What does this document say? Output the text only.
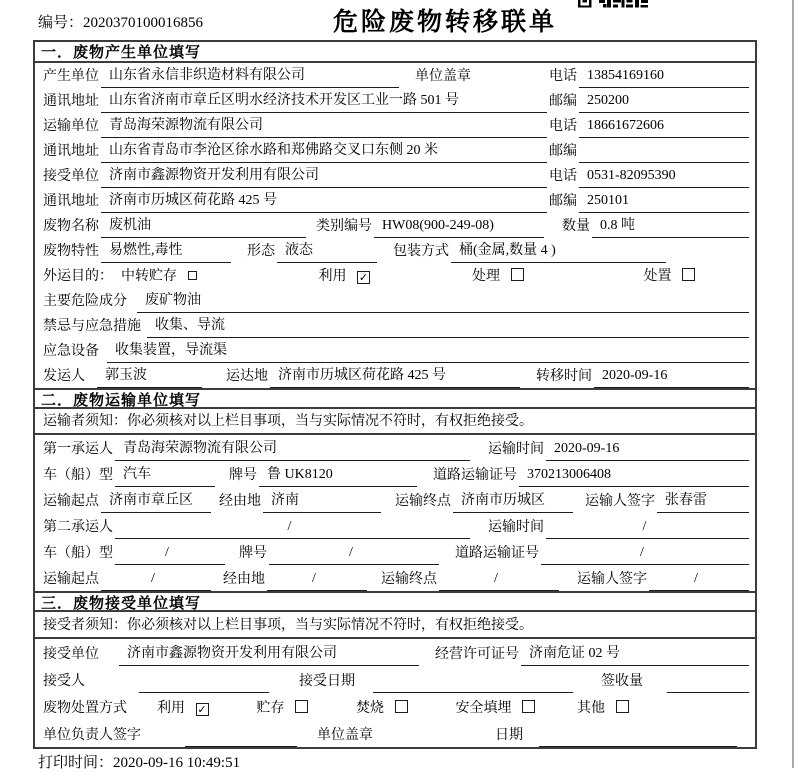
编号：2020370100016856	危险废物转移联单
一．废物产生单位填写
产生单位 山东省永信非织造材料有限公司	单位盖章	电话 13854169160
通讯地址 山东省济南市章丘区明水经济技术开发区工业一路 501 号	邮编 250200
运输单位 青岛海荣源物流有限公司	电话 18661672606
通讯地址 山东省青岛市李沧区徐水路和郑佛路交叉口东侧 20 米	邮编
接受单位 济南市鑫源物资开发利用有限公司	电话 0531-82095390
通讯地址 济南市历城区荷花路 425 号	邮编 250101
废物名称 废机油	类别编号 HW08(900-249-08)	数量 0.8 吨
废物特性 易燃性,毒性	形态 液态	包装方式 桶(金属,数量 4 )
外运目的： 中转贮存	利用 ✓	处理	处置
主要危险成分	废矿物油
禁忌与应急措施	收集、导流
应急设备	收集装置，导流渠
发运人	郭玉波	运达地 济南市历城区荷花路 425 号	转移时间 2020-09-16
二．废物运输单位填写
运输者须知：你必须核对以上栏目事项，当与实际情况不符时，有权拒绝接受。
第一承运人 青岛海荣源物流有限公司	运输时间 2020-09-16
车（船）型 汽车	牌号 鲁 UK8120	道路运输证号 370213006408
运输起点 济南市章丘区	经由地 济南	运输终点 济南市历城区	运输人签字 张春雷
第二承运人	/	运输时间	/
车（船）型	/	牌号	/	道路运输证号	/
运输起点	/	经由地	/	运输终点	/	运输人签字	/
三．废物接受单位填写
接受者须知：你必须核对以上栏目事项，当与实际情况不符时，有权拒绝接受。
接受单位	济南市鑫源物资开发利用有限公司	经营许可证号 济南危证 02 号
接受人	接受日期	签收量
废物处置方式 利用 ✓	贮存	焚烧	安全填埋	其他
单位负责人签字	单位盖章	日期
打印时间：2020-09-16 10:49:51
